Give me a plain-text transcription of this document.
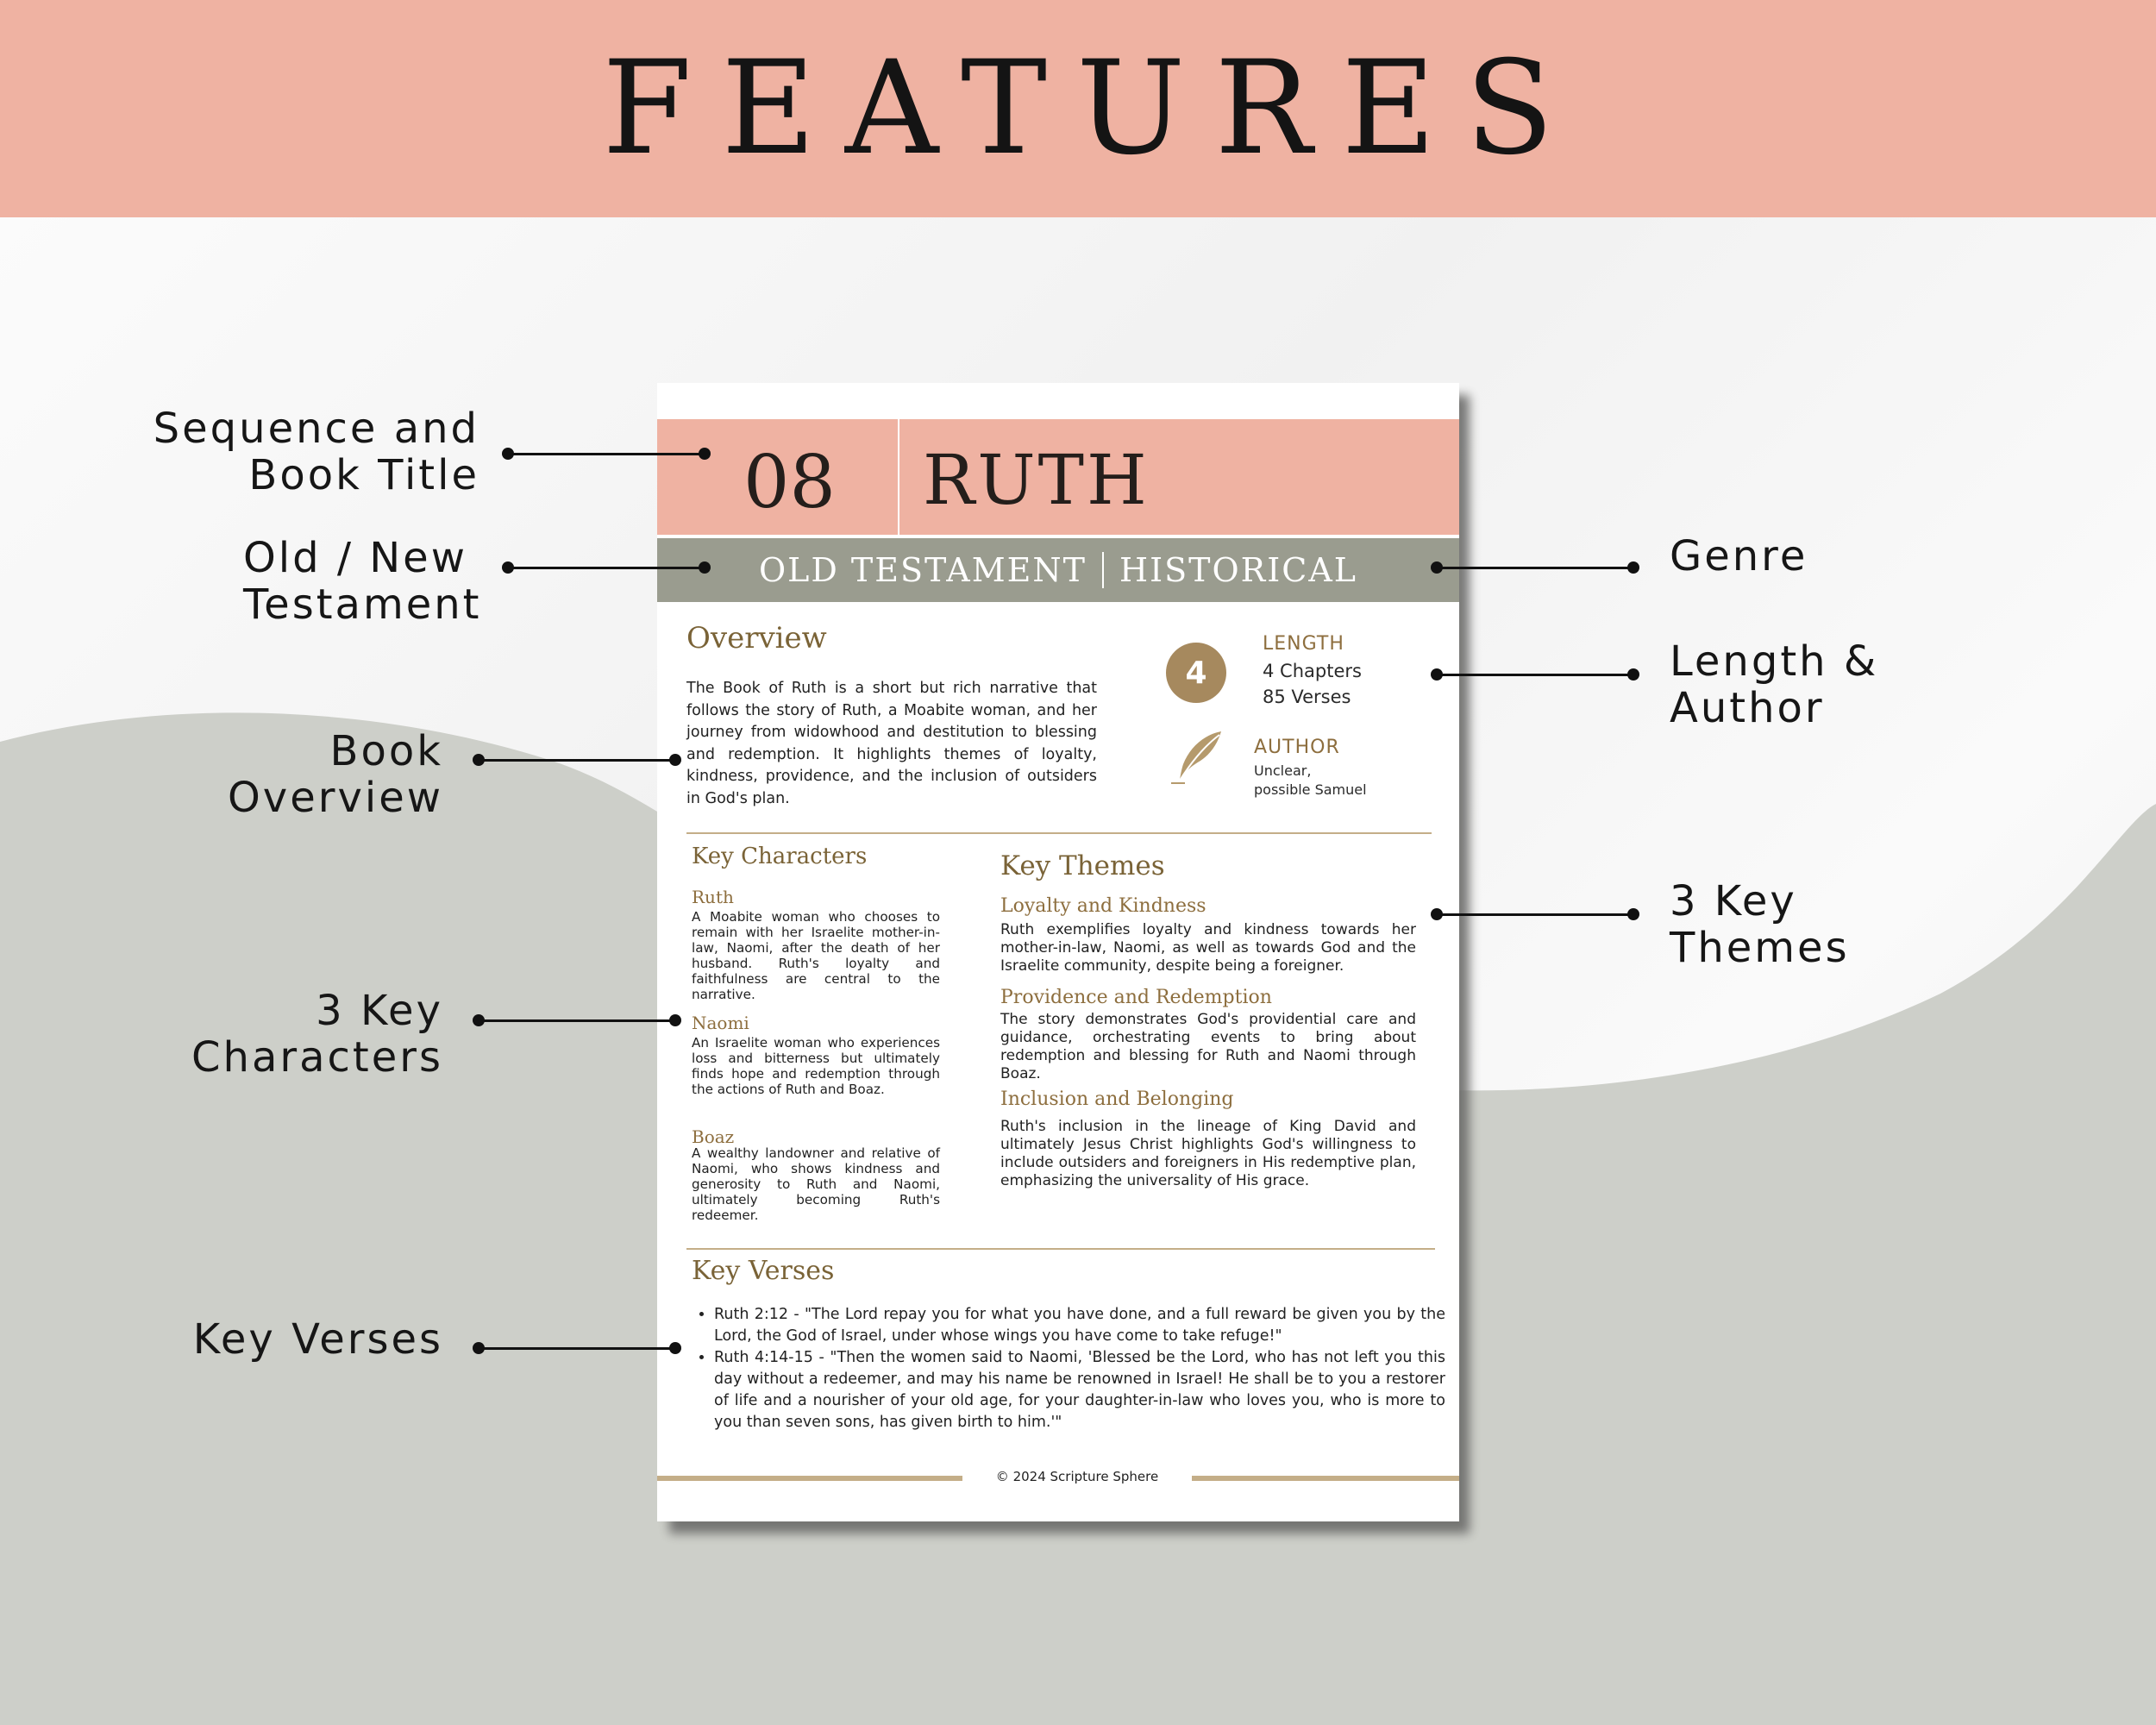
FEATURES
Sequence and
Book Title
Old / New
Testament
Book
Overview
3 Key
Characters
Key Verses
Genre
Length &
Author
3 Key
Themes
08 RUTH
OLD TESTAMENT HISTORICAL
Overview
The Book of Ruth is a short but rich narrative that follows the story of Ruth, a Moabite woman, and her journey from widowhood and destitution to blessing and redemption. It highlights themes of loyalty, kindness, providence, and the inclusion of outsiders in God's plan.
4
LENGTH
4 Chapters
85 Verses
AUTHOR
Unclear,
possible Samuel
Key Characters
Ruth
A Moabite woman who chooses to remain with her Israelite mother-in-law, Naomi, after the death of her husband. Ruth's loyalty and faithfulness are central to the narrative.
Naomi
An Israelite woman who experiences loss and bitterness but ultimately finds hope and redemption through the actions of Ruth and Boaz.
Boaz
A wealthy landowner and relative of Naomi, who shows kindness and generosity to Ruth and Naomi, ultimately becoming Ruth's redeemer.
Key Themes
Loyalty and Kindness
Ruth exemplifies loyalty and kindness towards her mother-in-law, Naomi, as well as towards God and the Israelite community, despite being a foreigner.
Providence and Redemption
The story demonstrates God's providential care and guidance, orchestrating events to bring about redemption and blessing for Ruth and Naomi through Boaz.
Inclusion and Belonging
Ruth's inclusion in the lineage of King David and ultimately Jesus Christ highlights God's willingness to include outsiders and foreigners in His redemptive plan, emphasizing the universality of His grace.
Key Verses
• Ruth 2:12 - "The Lord repay you for what you have done, and a full reward be given you by the Lord, the God of Israel, under whose wings you have come to take refuge!"
• Ruth 4:14-15 - "Then the women said to Naomi, 'Blessed be the Lord, who has not left you this day without a redeemer, and may his name be renowned in Israel! He shall be to you a restorer of life and a nourisher of your old age, for your daughter-in-law who loves you, who is more to you than seven sons, has given birth to him.'"
© 2024 Scripture Sphere
